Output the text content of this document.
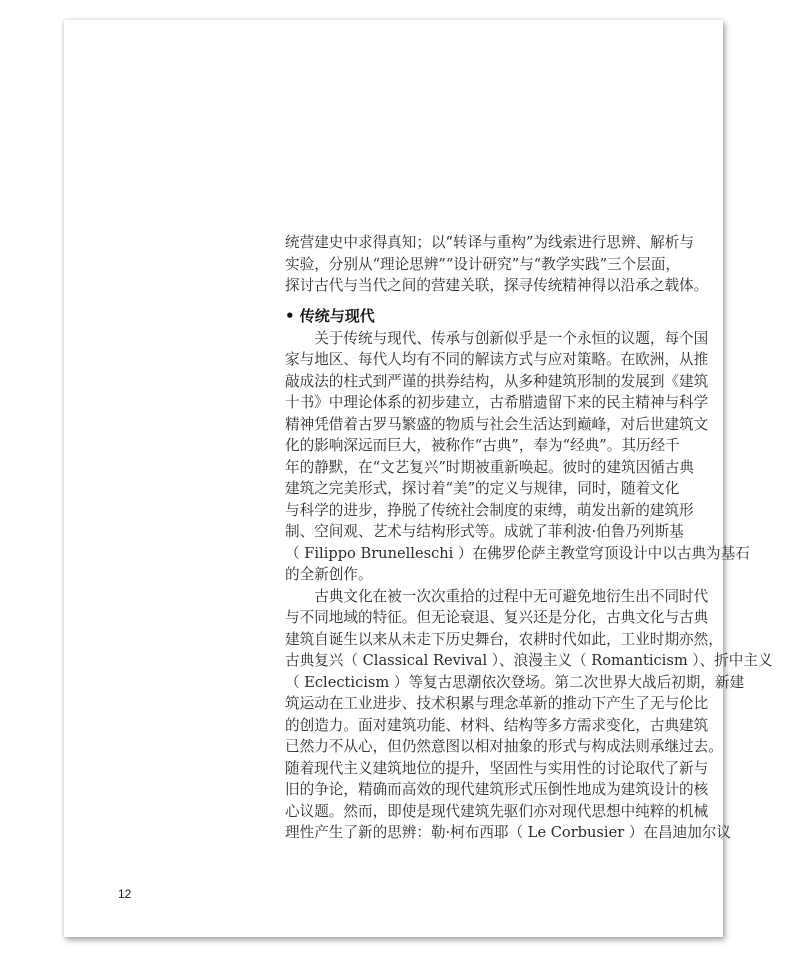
统营建史中求得真知；以“转译与重构”为线索进行思辨、解析与
实验，分别从“理论思辨”“设计研究”与“教学实践”三个层面，
探讨古代与当代之间的营建关联，探寻传统精神得以沿承之载体。
• 传统与现代
　　关于传统与现代、传承与创新似乎是一个永恒的议题，每个国
家与地区、每代人均有不同的解读方式与应对策略。在欧洲，从推
敲成法的柱式到严谨的拱券结构，从多种建筑形制的发展到《建筑
十书》中理论体系的初步建立，古希腊遗留下来的民主精神与科学
精神凭借着古罗马繁盛的物质与社会生活达到巅峰，对后世建筑文
化的影响深远而巨大，被称作“古典”，奉为“经典”。其历经千
年的静默，在“文艺复兴”时期被重新唤起。彼时的建筑因循古典
建筑之完美形式，探讨着“美”的定义与规律，同时，随着文化
与科学的进步，挣脱了传统社会制度的束缚，萌发出新的建筑形
制、空间观、艺术与结构形式等。成就了菲利波·伯鲁乃列斯基
（ Filippo Brunelleschi ）在佛罗伦萨主教堂穹顶设计中以古典为基石
的全新创作。
　　古典文化在被一次次重拾的过程中无可避免地衍生出不同时代
与不同地域的特征。但无论衰退、复兴还是分化，古典文化与古典
建筑自诞生以来从未走下历史舞台，农耕时代如此，工业时期亦然，
古典复兴（ Classical Revival ）、浪漫主义（ Romanticism ）、折中主义
（ Eclecticism ）等复古思潮依次登场。第二次世界大战后初期，新建
筑运动在工业进步、技术积累与理念革新的推动下产生了无与伦比
的创造力。面对建筑功能、材料、结构等多方需求变化，古典建筑
已然力不从心，但仍然意图以相对抽象的形式与构成法则承继过去。
随着现代主义建筑地位的提升，坚固性与实用性的讨论取代了新与
旧的争论，精确而高效的现代建筑形式压倒性地成为建筑设计的核
心议题。然而，即使是现代建筑先驱们亦对现代思想中纯粹的机械
理性产生了新的思辨：勒·柯布西耶（ Le Corbusier ）在昌迪加尔议
12
